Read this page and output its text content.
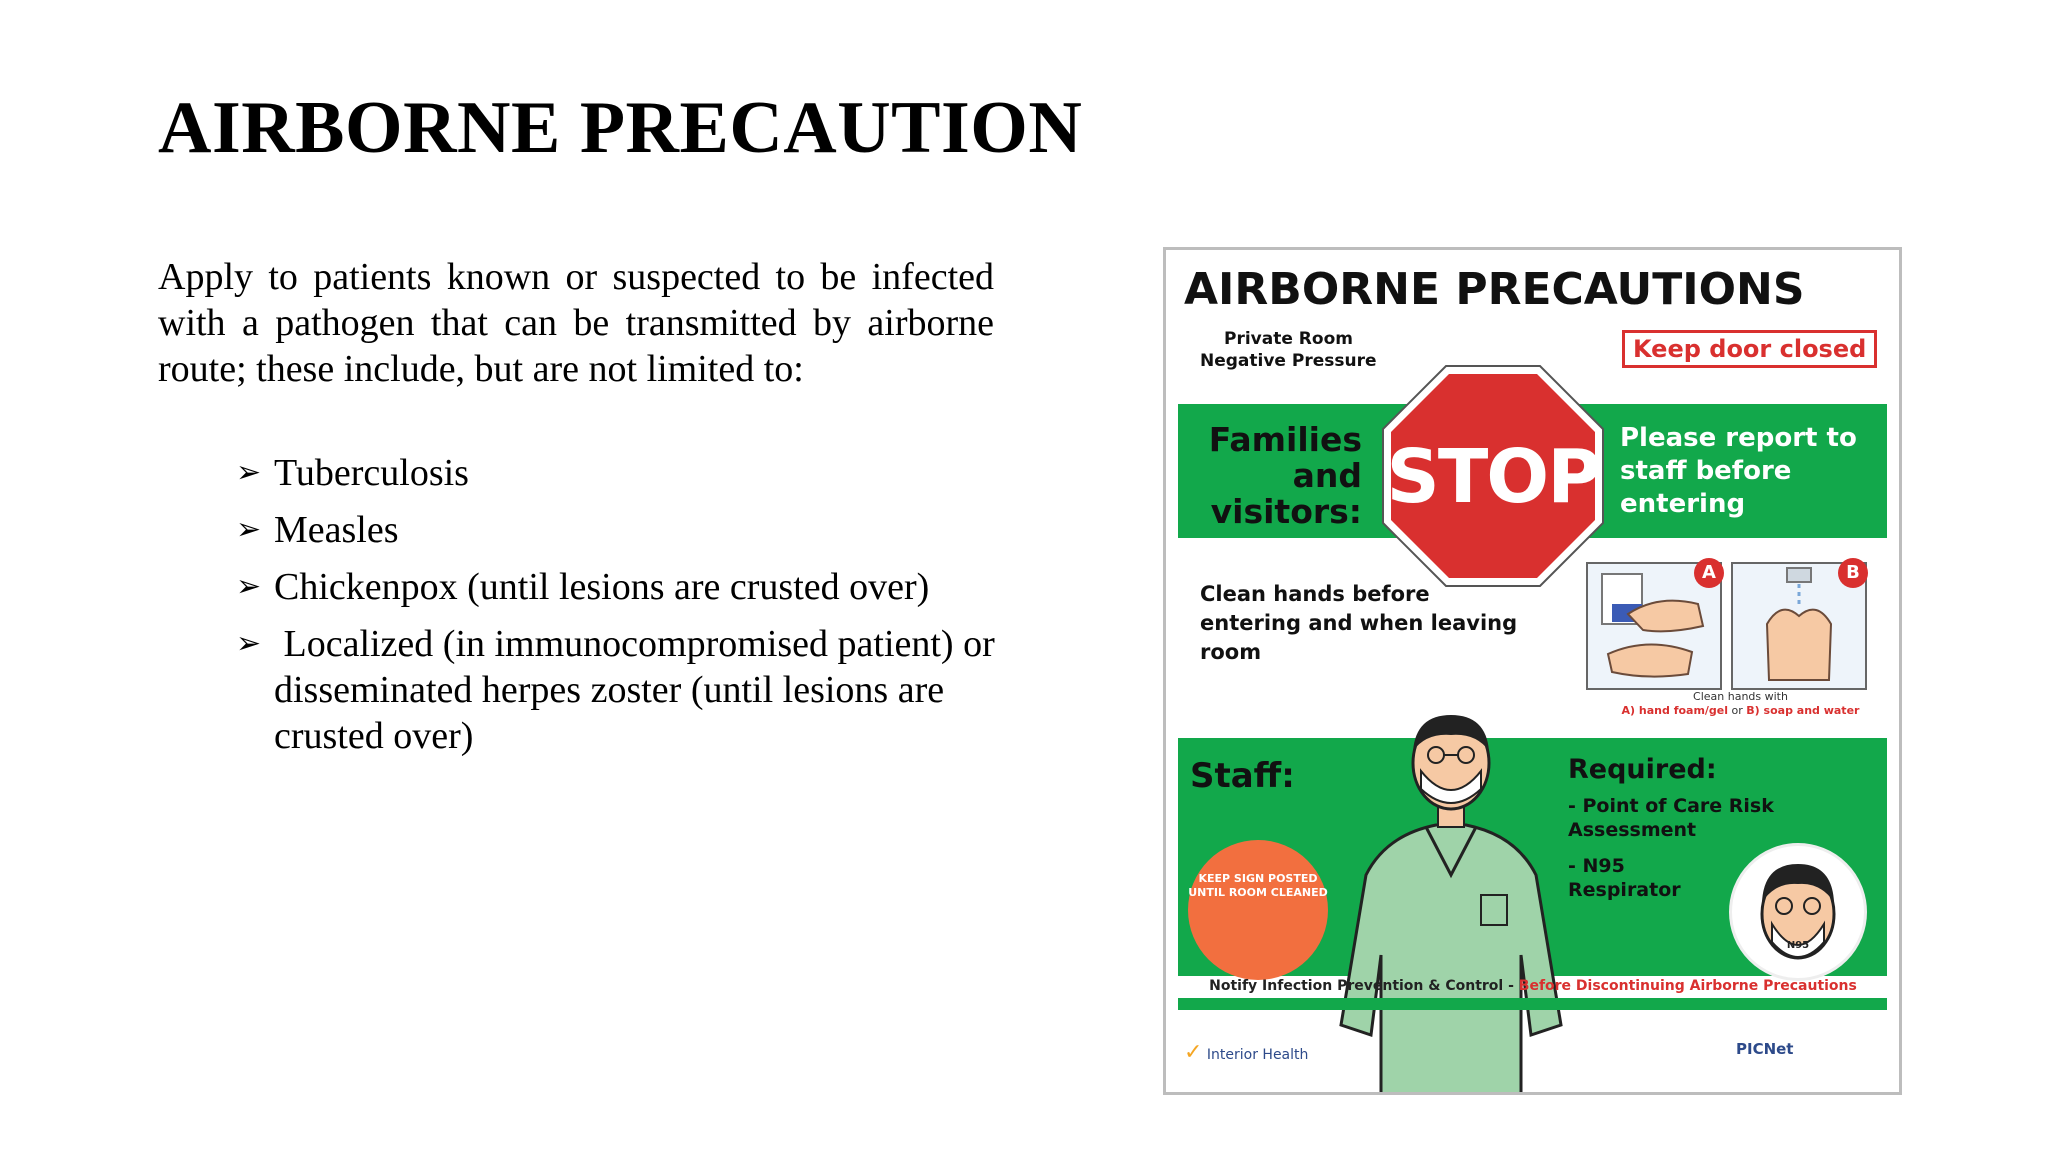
AIRBORNE PRECAUTION

Apply to patients known or suspected to be infected with a pathogen that can be transmitted by airborne route; these include, but are not limited to:

➢ Tuberculosis
➢ Measles
➢ Chickenpox (until lesions are crusted over)
➢ Localized (in immunocompromised patient) or disseminated herpes zoster (until lesions are crusted over)
AIRBORNE PRECAUTIONS
Private Room
Negative Pressure	Keep door closed
Families
and
visitors:
Please report to staff before entering
STOP
Clean hands before entering and when leaving room
A	B
Clean hands with
A) hand foam/gel or B) soap and water
Staff:	Required:
- Point of Care Risk Assessment
- N95 Respirator
KEEP SIGN POSTED UNTIL ROOM CLEANED
N95
Notify Infection Prevention & Control - Before Discontinuing Airborne Precautions
✓ Interior Health	PICNet
